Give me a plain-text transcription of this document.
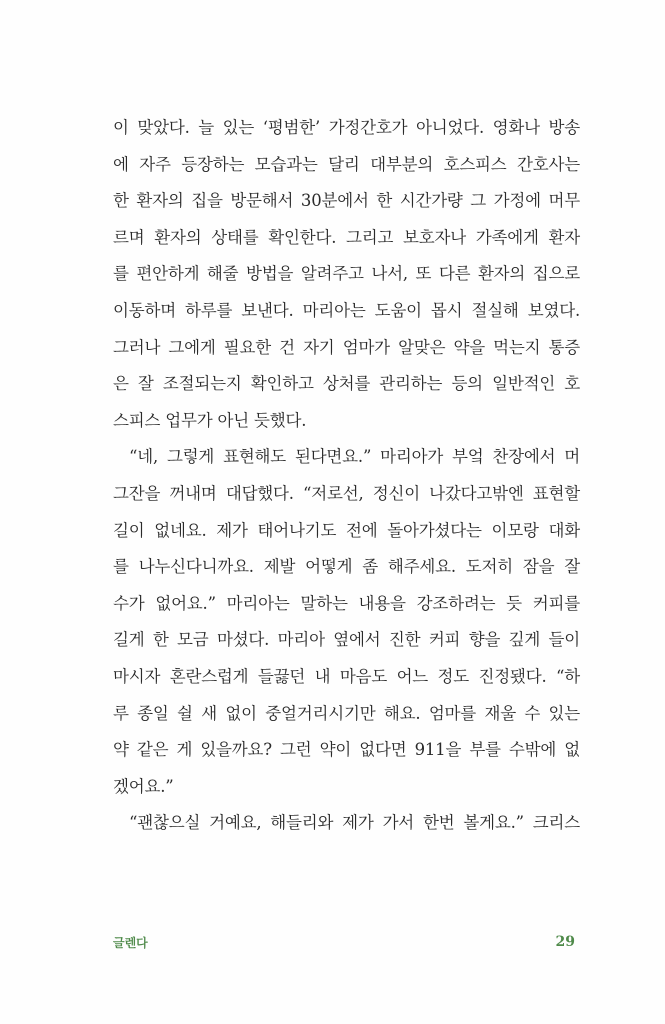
이 맞았다. 늘 있는 ‘평범한’ 가정간호가 아니었다. 영화나 방송
에 자주 등장하는 모습과는 달리 대부분의 호스피스 간호사는
한 환자의 집을 방문해서 30분에서 한 시간가량 그 가정에 머무
르며 환자의 상태를 확인한다. 그리고 보호자나 가족에게 환자
를 편안하게 해줄 방법을 알려주고 나서, 또 다른 환자의 집으로
이동하며 하루를 보낸다. 마리아는 도움이 몹시 절실해 보였다.
그러나 그에게 필요한 건 자기 엄마가 알맞은 약을 먹는지 통증
은 잘 조절되는지 확인하고 상처를 관리하는 등의 일반적인 호
스피스 업무가 아닌 듯했다.
“네, 그렇게 표현해도 된다면요.” 마리아가 부엌 찬장에서 머
그잔을 꺼내며 대답했다. “저로선, 정신이 나갔다고밖엔 표현할
길이 없네요. 제가 태어나기도 전에 돌아가셨다는 이모랑 대화
를 나누신다니까요. 제발 어떻게 좀 해주세요. 도저히 잠을 잘
수가 없어요.” 마리아는 말하는 내용을 강조하려는 듯 커피를
길게 한 모금 마셨다. 마리아 옆에서 진한 커피 향을 깊게 들이
마시자 혼란스럽게 들끓던 내 마음도 어느 정도 진정됐다. “하
루 종일 쉴 새 없이 중얼거리시기만 해요. 엄마를 재울 수 있는
약 같은 게 있을까요? 그런 약이 없다면 911을 부를 수밖에 없
겠어요.”
“괜찮으실 거예요, 해들리와 제가 가서 한번 볼게요.” 크리스
글렌다	29
